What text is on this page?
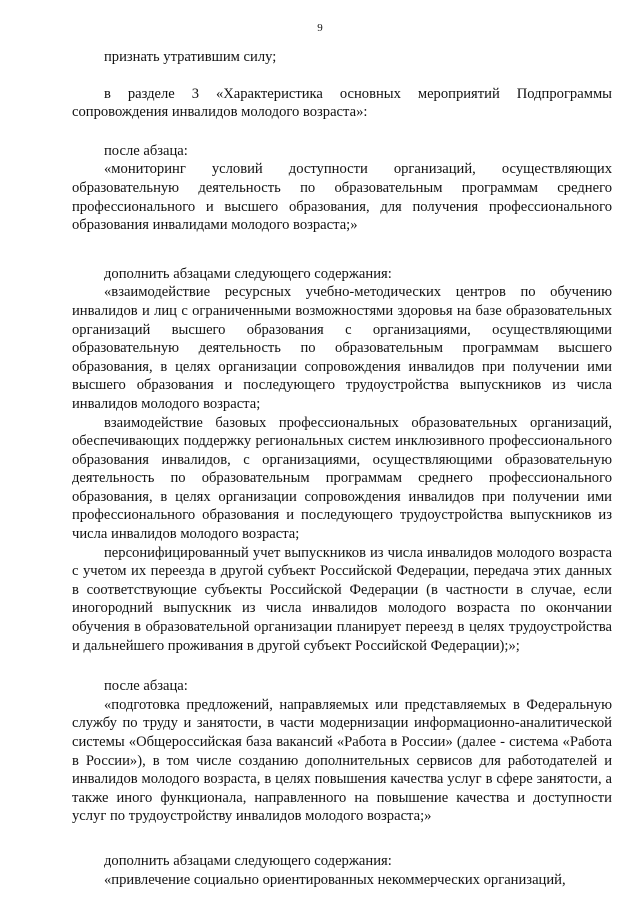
9

признать утратившим силу;

в разделе 3 «Характеристика основных мероприятий Подпрограммы сопровождения инвалидов молодого возраста»:

после абзаца:

«мониторинг условий доступности организаций, осуществляющих образовательную деятельность по образовательным программам среднего профессионального и высшего образования, для получения профессионального образования инвалидами молодого возраста;»

дополнить абзацами следующего содержания:

«взаимодействие ресурсных учебно-методических центров по обучению инвалидов и лиц с ограниченными возможностями здоровья на базе образовательных организаций высшего образования с организациями, осуществляющими образовательную деятельность по образовательным программам высшего образования, в целях организации сопровождения инвалидов при получении ими высшего образования и последующего трудоустройства выпускников из числа инвалидов молодого возраста;

взаимодействие базовых профессиональных образовательных организаций, обеспечивающих поддержку региональных систем инклюзивного профессионального образования инвалидов, с организациями, осуществляющими образовательную деятельность по образовательным программам среднего профессионального образования, в целях организации сопровождения инвалидов при получении ими профессионального образования и последующего трудоустройства выпускников из числа инвалидов молодого возраста;

персонифицированный учет выпускников из числа инвалидов молодого возраста с учетом их переезда в другой субъект Российской Федерации, передача этих данных в соответствующие субъекты Российской Федерации (в частности в случае, если иногородний выпускник из числа инвалидов молодого возраста по окончании обучения в образовательной организации планирует переезд в целях трудоустройства и дальнейшего проживания в другой субъект Российской Федерации);»;

после абзаца:

«подготовка предложений, направляемых или представляемых в Федеральную службу по труду и занятости, в части модернизации информационно-аналитической системы «Общероссийская база вакансий «Работа в России» (далее - система «Работа в России»), в том числе созданию дополнительных сервисов для работодателей и инвалидов молодого возраста, в целях повышения качества услуг в сфере занятости, а также иного функционала, направленного на повышение качества и доступности услуг по трудоустройству инвалидов молодого возраста;»

дополнить абзацами следующего содержания:

«привлечение социально ориентированных некоммерческих организаций,
